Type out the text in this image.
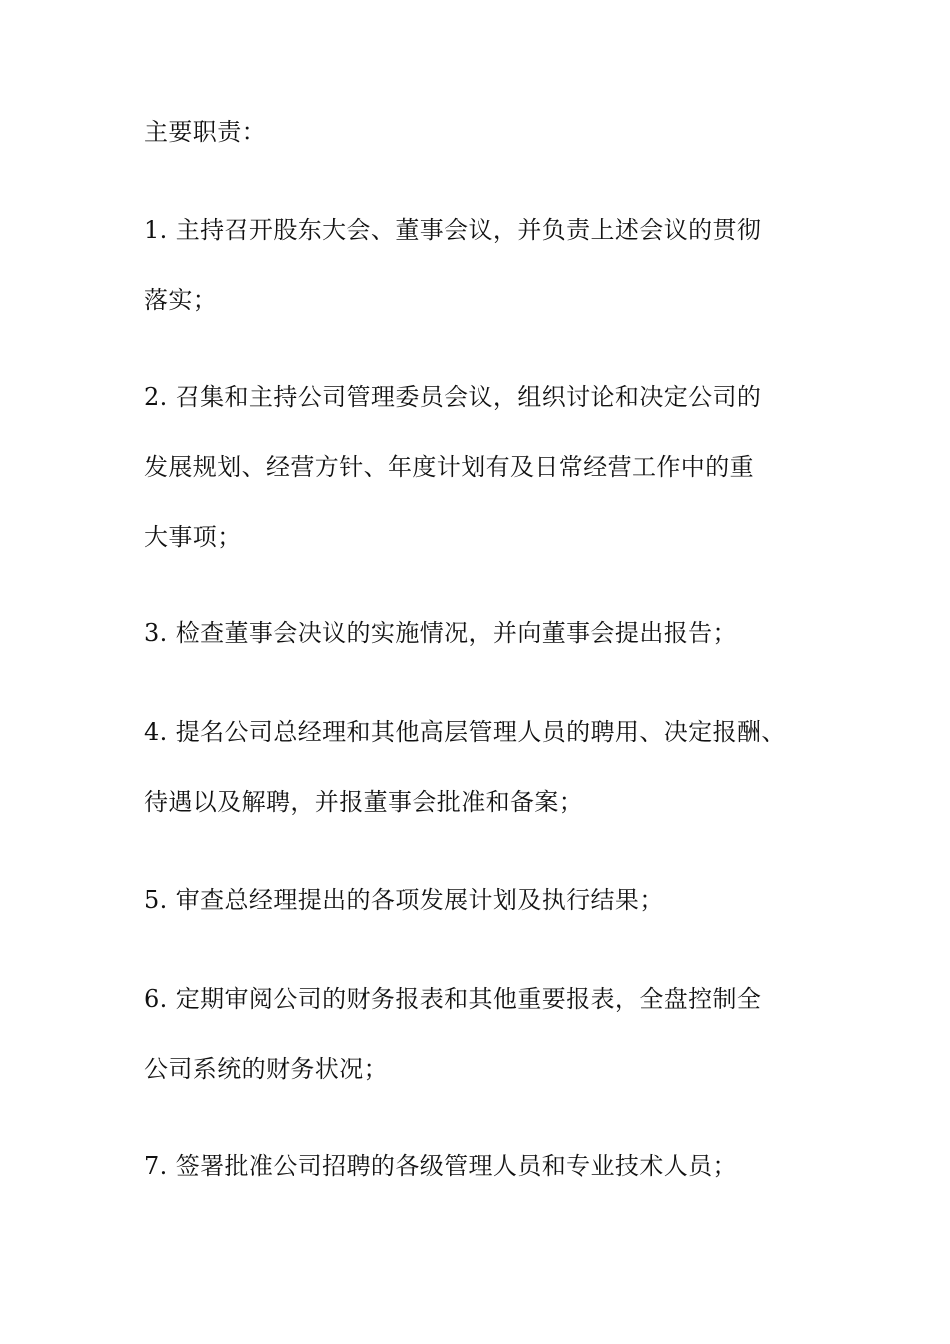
主要职责：

1. 主持召开股东大会、董事会议，并负责上述会议的贯彻

落实；

2. 召集和主持公司管理委员会议，组织讨论和决定公司的

发展规划、经营方针、年度计划有及日常经营工作中的重

大事项；

3. 检查董事会决议的实施情况，并向董事会提出报告；

4. 提名公司总经理和其他高层管理人员的聘用、决定报酬、

待遇以及解聘，并报董事会批准和备案；

5. 审查总经理提出的各项发展计划及执行结果；

6. 定期审阅公司的财务报表和其他重要报表，全盘控制全

公司系统的财务状况；

7. 签署批准公司招聘的各级管理人员和专业技术人员；
